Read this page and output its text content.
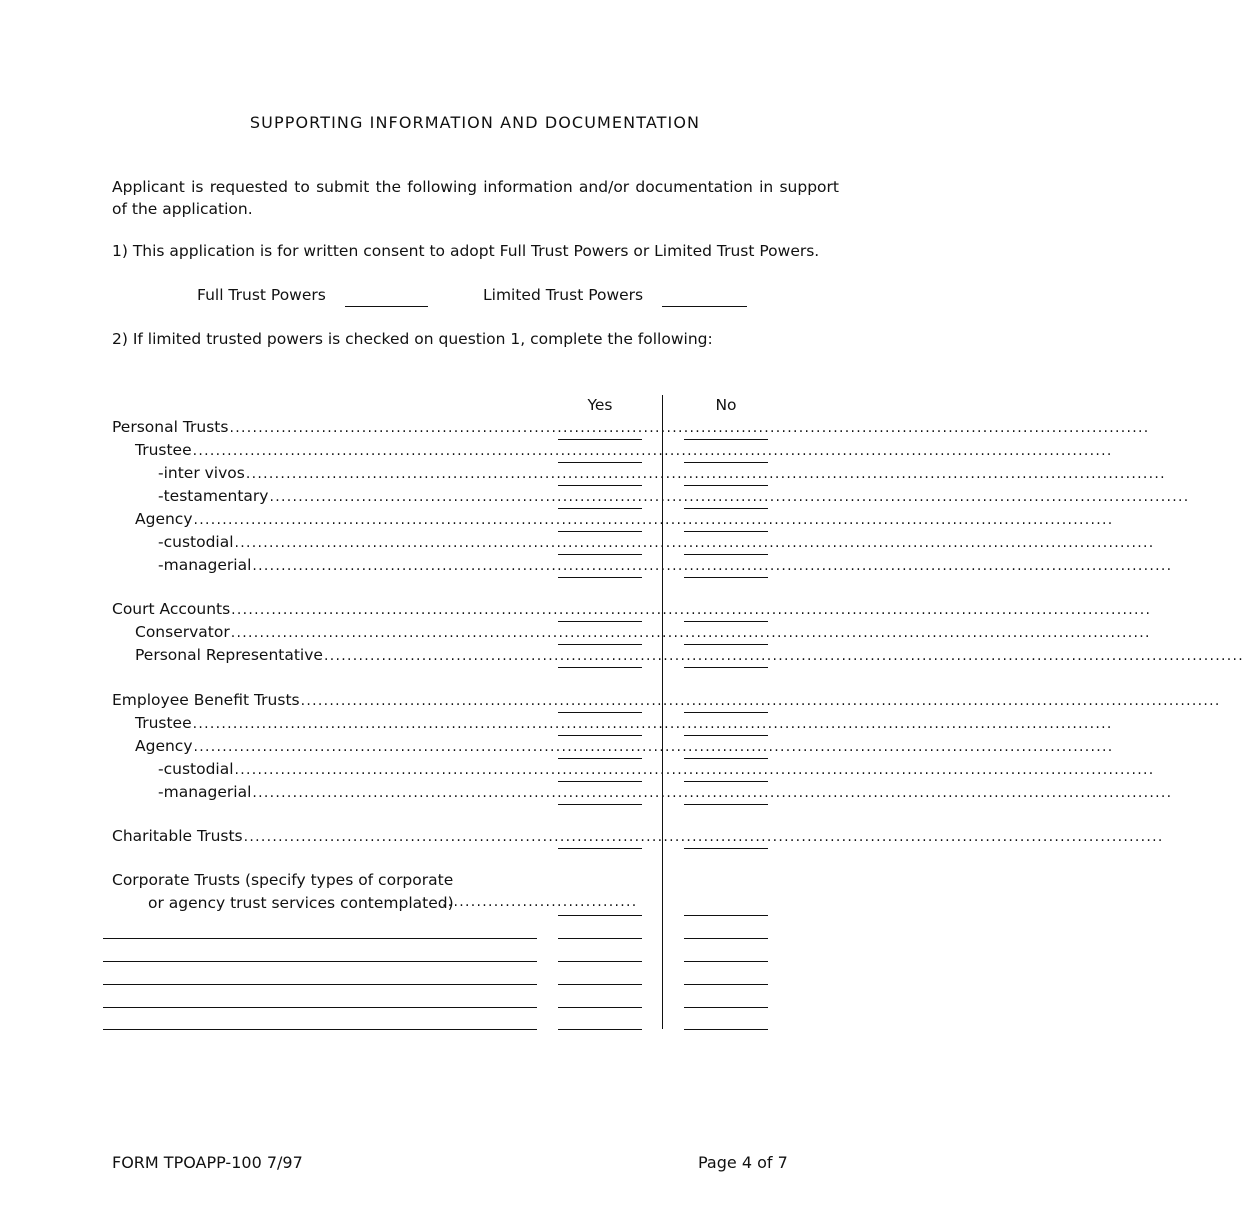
SUPPORTING INFORMATION AND DOCUMENTATION
Applicant is requested to submit the following information and/or documentation in support of the application.
1) This application is for written consent to adopt Full Trust Powers or Limited Trust Powers.
Full Trust Powers	Limited Trust Powers
2) If limited trusted powers is checked on question 1, complete the following:
Yes	No
Personal Trusts ................................................................................................................................................................
Trustee ................................................................................................................................................................
-inter vivos ................................................................................................................................................................
-testamentary ................................................................................................................................................................
Agency ................................................................................................................................................................
-custodial ................................................................................................................................................................
-managerial ................................................................................................................................................................
Court Accounts ................................................................................................................................................................
Conservator ................................................................................................................................................................
Personal Representative ................................................................................................................................................................
Employee Benefit Trusts ................................................................................................................................................................
Trustee ................................................................................................................................................................
Agency ................................................................................................................................................................
-custodial ................................................................................................................................................................
-managerial ................................................................................................................................................................
Charitable Trusts ................................................................................................................................................................
Corporate Trusts (specify types of corporate
or agency trust services contemplated)
..................................
FORM TPOAPP-100 7/97	Page 4 of 7
